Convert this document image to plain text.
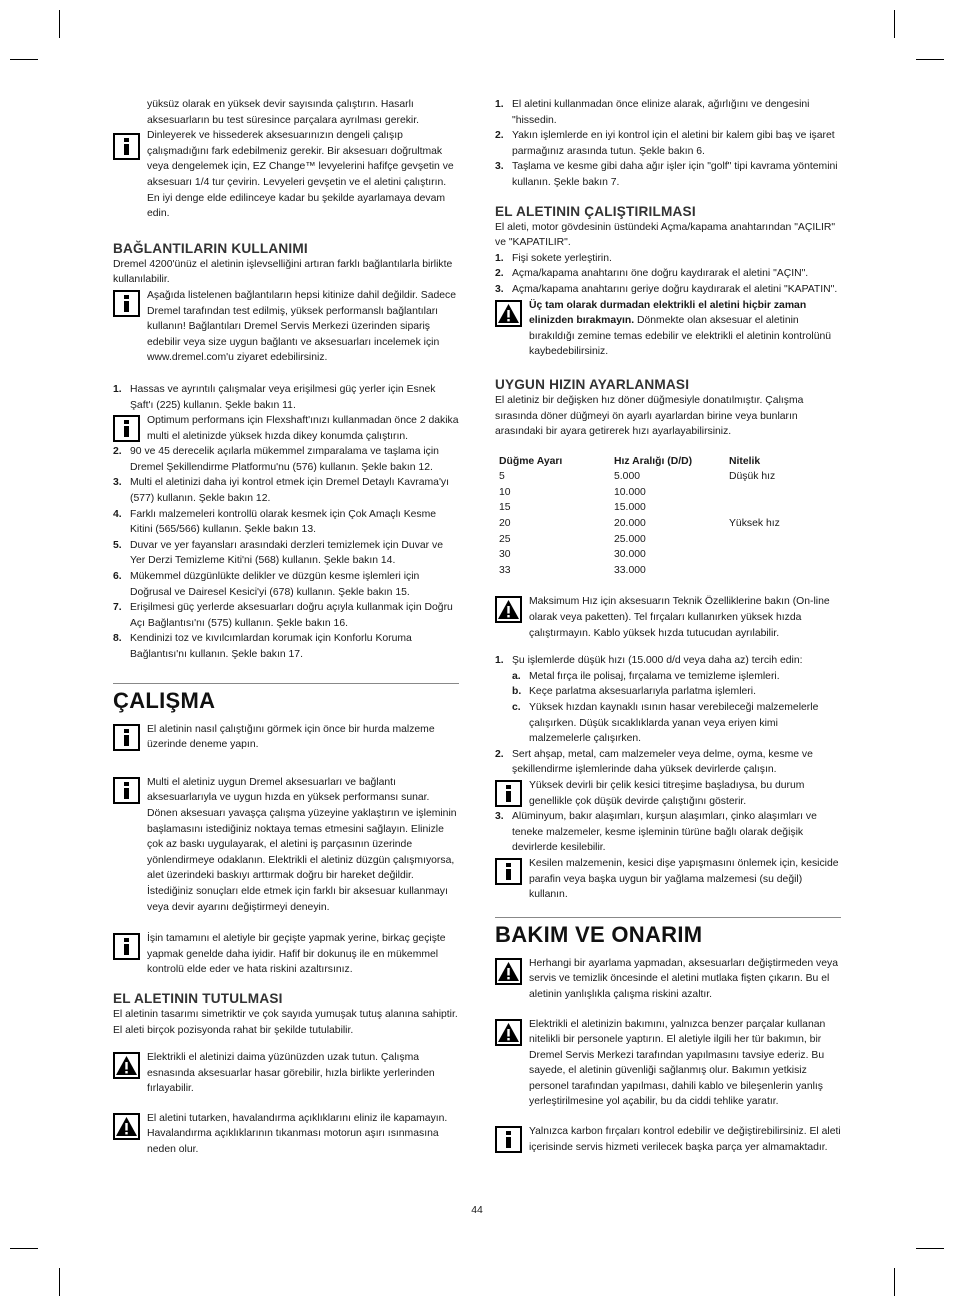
yüksüz olarak en yüksek devir sayısında çalıştırın. Hasarlı aksesuarların bu test süresince parçalara ayrılması gerekir. Dinleyerek ve hissederek aksesuarınızın dengeli çalışıp çalışmadığını fark edebilmeniz gerekir. Bir aksesuarı doğrultmak veya dengelemek için, EZ Change™ levyelerini hafifçe gevşetin ve aksesuarı 1/4 tur çevirin. Levyeleri gevşetin ve el aletini çalıştırın. En iyi denge elde edilinceye kadar bu şekilde ayarlamaya devam edin.

BAĞLANTILARIN KULLANIMI

Dremel 4200'ünüz el aletinin işlevselliğini artıran farklı bağlantılarla birlikte kullanılabilir.

Aşağıda listelenen bağlantıların hepsi kitinize dahil değildir. Sadece Dremel tarafından test edilmiş, yüksek performanslı bağlantıları kullanın! Bağlantıları Dremel Servis Merkezi üzerinden sipariş edebilir veya size uygun bağlantı ve aksesuarları incelemek için www.dremel.com'u ziyaret edebilirsiniz.

1. Hassas ve ayrıntılı çalışmalar veya erişilmesi güç yerler için Esnek Şaft'ı (225) kullanın. Şekle bakın 11.

Optimum performans için Flexshaft'ınızı kullanmadan önce 2 dakika multi el aletinizde yüksek hızda dikey konumda çalıştırın.

2. 90 ve 45 derecelik açılarla mükemmel zımparalama ve taşlama için Dremel Şekillendirme Platformu'nu (576) kullanın. Şekle bakın 12.
3. Multi el aletinizi daha iyi kontrol etmek için Dremel Detaylı Kavrama'yı (577) kullanın. Şekle bakın 12.
4. Farklı malzemeleri kontrollü olarak kesmek için Çok Amaçlı Kesme Kitini (565/566) kullanın. Şekle bakın 13.
5. Duvar ve yer fayansları arasındaki derzleri temizlemek için Duvar ve Yer Derzi Temizleme Kiti'ni (568) kullanın. Şekle bakın 14.
6. Mükemmel düzgünlükte delikler ve düzgün kesme işlemleri için Doğrusal ve Dairesel Kesici'yi (678) kullanın. Şekle bakın 15.
7. Erişilmesi güç yerlerde aksesuarları doğru açıyla kullanmak için Doğru Açı Bağlantısı'nı (575) kullanın. Şekle bakın 16.
8. Kendinizi toz ve kıvılcımlardan korumak için Konforlu Koruma Bağlantısı'nı kullanın. Şekle bakın 17.
ÇALIŞMA

El aletinin nasıl çalıştığını görmek için önce bir hurda malzeme üzerinde deneme yapın.

Multi el aletiniz uygun Dremel aksesuarları ve bağlantı aksesuarlarıyla ve uygun hızda en yüksek performansı sunar. Dönen aksesuarı yavaşça çalışma yüzeyine yaklaştırın ve işleminin başlamasını istediğiniz noktaya temas etmesini sağlayın. Elinizle çok az baskı uygulayarak, el aletini iş parçasının üzerinde yönlendirmeye odaklanın. Elektrikli el aletiniz düzgün çalışmıyorsa, alet üzerindeki baskıyı arttırmak doğru bir hareket değildir. İstediğiniz sonuçları elde etmek için farklı bir aksesuar kullanmayı veya devir ayarını değiştirmeyi deneyin.

İşin tamamını el aletiyle bir geçişte yapmak yerine, birkaç geçişte yapmak genelde daha iyidir. Hafif bir dokunuş ile en mükemmel kontrolü elde eder ve hata riskini azaltırsınız.

EL ALETININ TUTULMASI

El aletinin tasarımı simetriktir ve çok sayıda yumuşak tutuş alanına sahiptir. El aleti birçok pozisyonda rahat bir şekilde tutulabilir.

Elektrikli el aletinizi daima yüzünüzden uzak tutun. Çalışma esnasında aksesuarlar hasar görebilir, hızla birlikte yerlerinden fırlayabilir.

El aletini tutarken, havalandırma açıklıklarını eliniz ile kapamayın. Havalandırma açıklıklarının tıkanması motorun aşırı ısınmasına neden olur.

1. El aletini kullanmadan önce elinize alarak, ağırlığını ve dengesini "hissedin.
2. Yakın işlemlerde en iyi kontrol için el aletini bir kalem gibi baş ve işaret parmağınız arasında tutun. Şekle bakın 6.
3. Taşlama ve kesme gibi daha ağır işler için "golf" tipi kavrama yöntemini kullanın. Şekle bakın 7.
EL ALETININ ÇALIŞTIRILMASI

El aleti, motor gövdesinin üstündeki Açma/kapama anahtarından "AÇILIR" ve "KAPATILIR".

1. Fişi sokete yerleştirin.
2. Açma/kapama anahtarını öne doğru kaydırarak el aletini "AÇIN".
3. Açma/kapama anahtarını geriye doğru kaydırarak el aletini "KAPATIN".

Üç tam olarak durmadan elektrikli el aletini hiçbir zaman elinizden bırakmayın. Dönmekte olan aksesuar el aletinin bırakıldığı zemine temas edebilir ve elektrikli el aletinin kontrolünü kaybedebilirsiniz.

UYGUN HIZIN AYARLANMASI

El aletiniz bir değişken hız döner düğmesiyle donatılmıştır. Çalışma sırasında döner düğmeyi ön ayarlı ayarlardan birine veya bunların arasındaki bir ayara getirerek hızı ayarlayabilirsiniz.

Düğme Ayarı	Hız Aralığı (D/D)	Nitelik
5	5.000	Düşük hız
10	10.000	
15	15.000	
20	20.000	Yüksek hız
25	25.000	
30	30.000	
33	33.000	

Maksimum Hız için aksesuarın Teknik Özelliklerine bakın (On-line olarak veya paketten). Tel fırçaları kullanırken yüksek hızda çalıştırmayın. Kablo yüksek hızda tutucudan ayrılabilir.

1. Şu işlemlerde düşük hızı (15.000 d/d veya daha az) tercih edin:
a. Metal fırça ile polisaj, fırçalama ve temizleme işlemleri.
b. Keçe parlatma aksesuarlarıyla parlatma işlemleri.
c. Yüksek hızdan kaynaklı ısının hasar verebileceği malzemelerle çalışırken. Düşük sıcaklıklarda yanan veya eriyen kimi malzemelerle çalışırken.
2. Sert ahşap, metal, cam malzemeler veya delme, oyma, kesme ve şekillendirme işlemlerinde daha yüksek devirlerde çalışın.

Yüksek devirli bir çelik kesici titreşime başladıysa, bu durum genellikle çok düşük devirde çalıştığını gösterir.

3. Alüminyum, bakır alaşımları, kurşun alaşımları, çinko alaşımları ve teneke malzemeler, kesme işleminin türüne bağlı olarak değişik devirlerde kesilebilir.

Kesilen malzemenin, kesici dişe yapışmasını önlemek için, kesicide parafin veya başka uygun bir yağlama malzemesi (su değil) kullanın.

BAKIM VE ONARIM

Herhangi bir ayarlama yapmadan, aksesuarları değiştirmeden veya servis ve temizlik öncesinde el aletini mutlaka fişten çıkarın. Bu el aletinin yanlışlıkla çalışma riskini azaltır.

Elektrikli el aletinizin bakımını, yalnızca benzer parçalar kullanan nitelikli bir personele yaptırın. El aletiyle ilgili her tür bakımın, bir Dremel Servis Merkezi tarafından yapılmasını tavsiye ederiz. Bu sayede, el aletinin güvenliği sağlanmış olur. Bakımın yetkisiz personel tarafından yapılması, dahili kablo ve bileşenlerin yanlış yerleştirilmesine yol açabilir, bu da ciddi tehlike yaratır.

Yalnızca karbon fırçaları kontrol edebilir ve değiştirebilirsiniz. El aleti içerisinde servis hizmeti verilecek başka parça yer almamaktadır.

44
